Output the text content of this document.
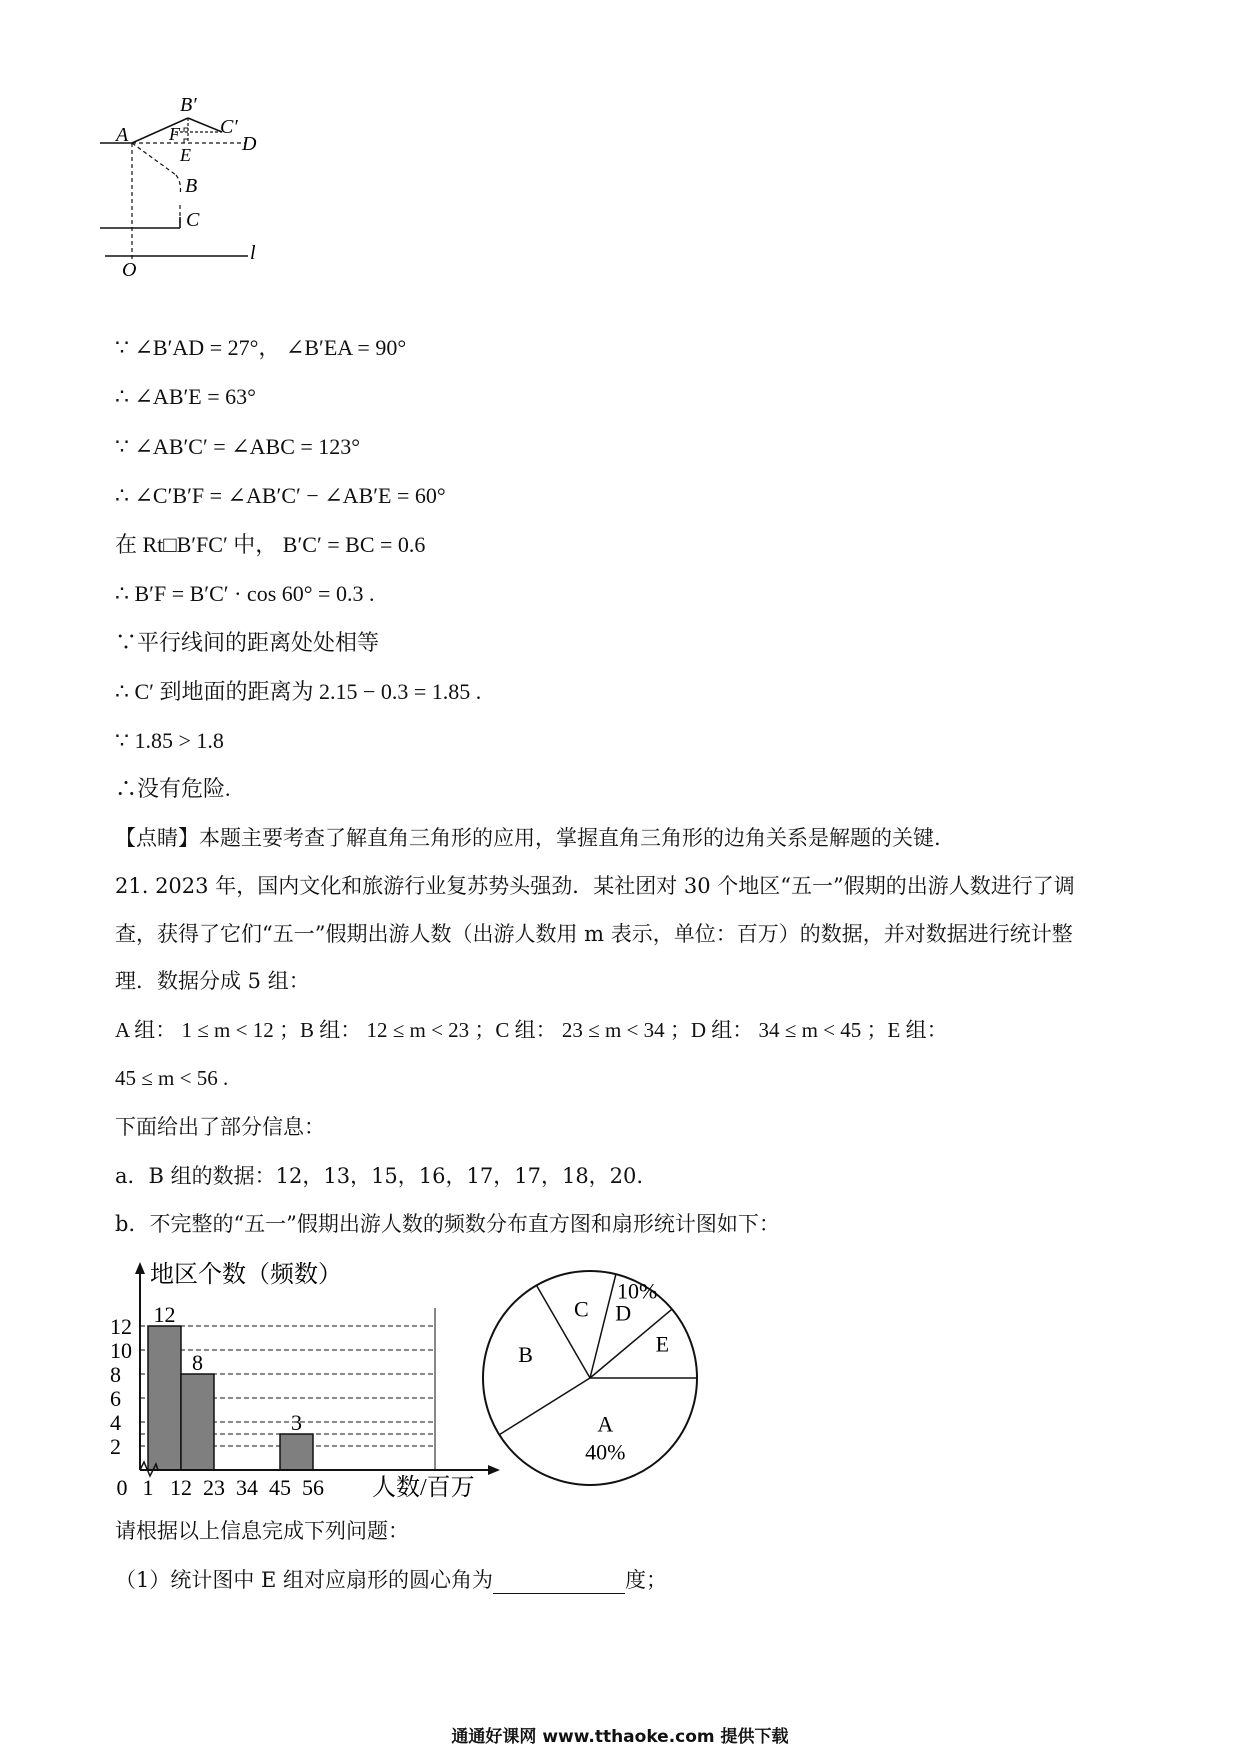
B′
C′
A F
E	D
B
C
O
l
∵ ∠B′AD = 27°， ∠B′EA = 90°
∴ ∠AB′E = 63°
∵ ∠AB′C′ = ∠ABC = 123°
∴ ∠C′B′F = ∠AB′C′ − ∠AB′E = 60°
在 Rt□B′FC′ 中， B′C′ = BC = 0.6
∴ B′F = B′C′ · cos 60° = 0.3 .
∵平行线间的距离处处相等
∴ C′ 到地面的距离为 2.15 − 0.3 = 1.85 .
∵ 1.85 > 1.8
∴没有危险.
【点睛】本题主要考查了解直角三角形的应用，掌握直角三角形的边角关系是解题的关键.
21. 2023 年，国内文化和旅游行业复苏势头强劲．某社团对 30 个地区“五一”假期的出游人数进行了调
查，获得了它们“五一”假期出游人数（出游人数用 m 表示，单位：百万）的数据，并对数据进行统计整
理．数据分成 5 组：
A 组： 1 ≤ m < 12 ；B 组： 12 ≤ m < 23 ；C 组： 23 ≤ m < 34 ；D 组： 34 ≤ m < 45 ；E 组：
45 ≤ m < 56 .
下面给出了部分信息：
a．B 组的数据：12，13，15，16，17，17，18，20.
b．不完整的“五一”假期出游人数的频数分布直方图和扇形统计图如下：
2
4
6
8
10
12 12
8
3
0 1 12 23 34 45 56
地区个数（频数）
人数/百万
A
40%
B
C D
10%
E
请根据以上信息完成下列问题：
（1）统计图中 E 组对应扇形的圆心角为	度；
通通好课网 www.tthaoke.com 提供下载
